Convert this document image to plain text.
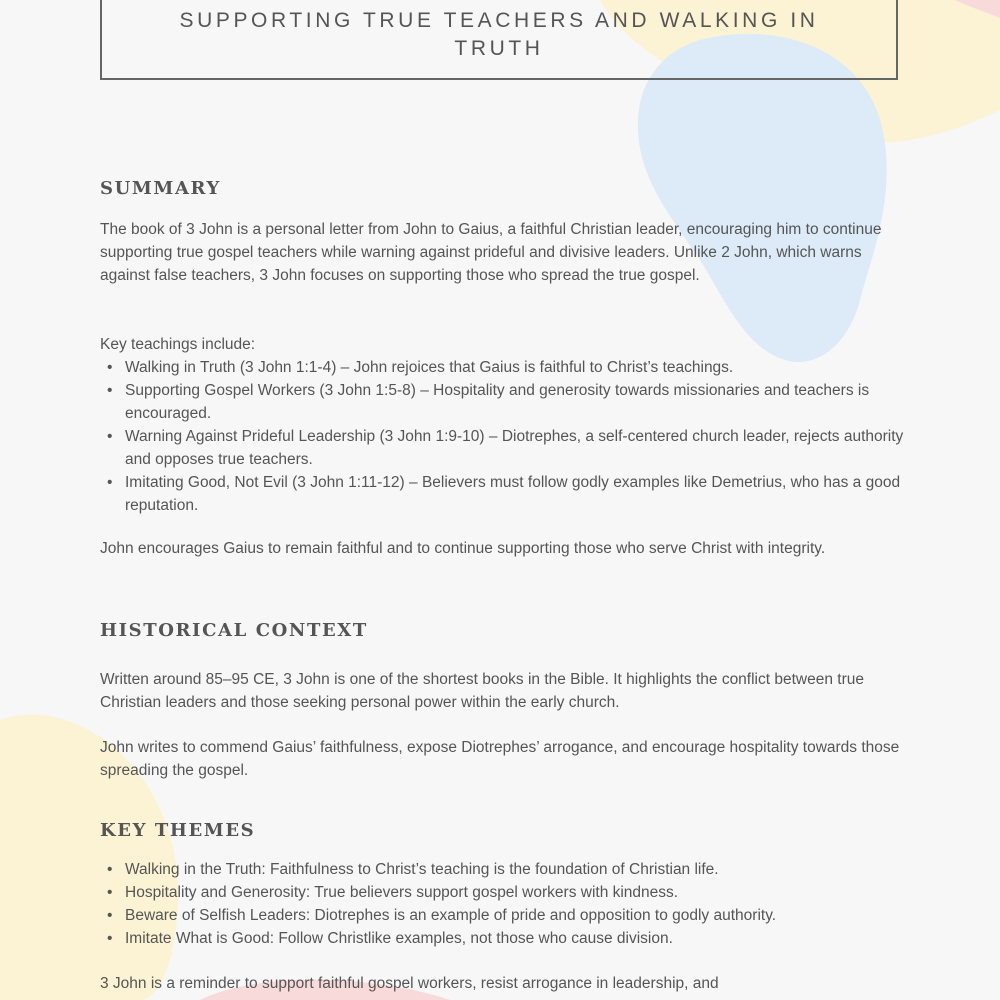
SUPPORTING TRUE TEACHERS AND WALKING IN TRUTH
SUMMARY

The book of 3 John is a personal letter from John to Gaius, a faithful Christian leader, encouraging him to continue supporting true gospel teachers while warning against prideful and divisive leaders. Unlike 2 John, which warns against false teachers, 3 John focuses on supporting those who spread the true gospel.

Key teachings include:

• Walking in Truth (3 John 1:1-4) – John rejoices that Gaius is faithful to Christ’s teachings.
• Supporting Gospel Workers (3 John 1:5-8) – Hospitality and generosity towards missionaries and teachers is encouraged.
• Warning Against Prideful Leadership (3 John 1:9-10) – Diotrephes, a self-centered church leader, rejects authority and opposes true teachers.
• Imitating Good, Not Evil (3 John 1:11-12) – Believers must follow godly examples like Demetrius, who has a good reputation.

John encourages Gaius to remain faithful and to continue supporting those who serve Christ with integrity.

HISTORICAL CONTEXT

Written around 85–95 CE, 3 John is one of the shortest books in the Bible. It highlights the conflict between true Christian leaders and those seeking personal power within the early church.

John writes to commend Gaius’ faithfulness, expose Diotrephes’ arrogance, and encourage hospitality towards those spreading the gospel.

KEY THEMES
• Walking in the Truth: Faithfulness to Christ’s teaching is the foundation of Christian life.
• Hospitality and Generosity: True believers support gospel workers with kindness.
• Beware of Selfish Leaders: Diotrephes is an example of pride and opposition to godly authority.
• Imitate What is Good: Follow Christlike examples, not those who cause division.

3 John is a reminder to support faithful gospel workers, resist arrogance in leadership, and
